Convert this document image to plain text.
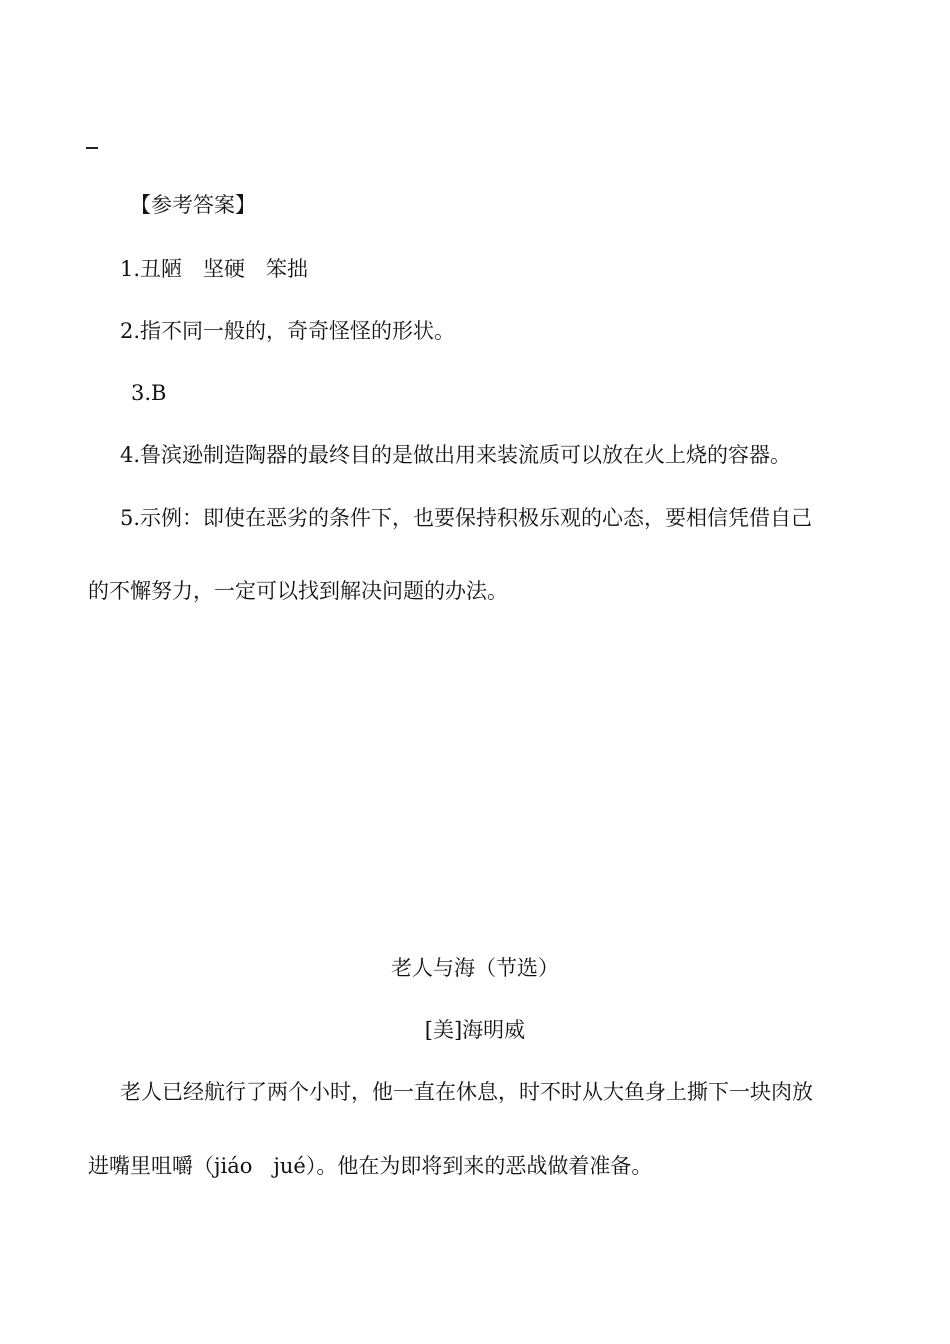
【参考答案】
1.丑陋　坚硬　笨拙
2.指不同一般的，奇奇怪怪的形状。
3.B
4.鲁滨逊制造陶器的最终目的是做出用来装流质可以放在火上烧的容器。
5.示例：即使在恶劣的条件下，也要保持积极乐观的心态，要相信凭借自己
的不懈努力，一定可以找到解决问题的办法。
老人与海（节选）
[美]海明威
老人已经航行了两个小时，他一直在休息，时不时从大鱼身上撕下一块肉放
进嘴里咀嚼（jiáo　jué）。他在为即将到来的恶战做着准备。
